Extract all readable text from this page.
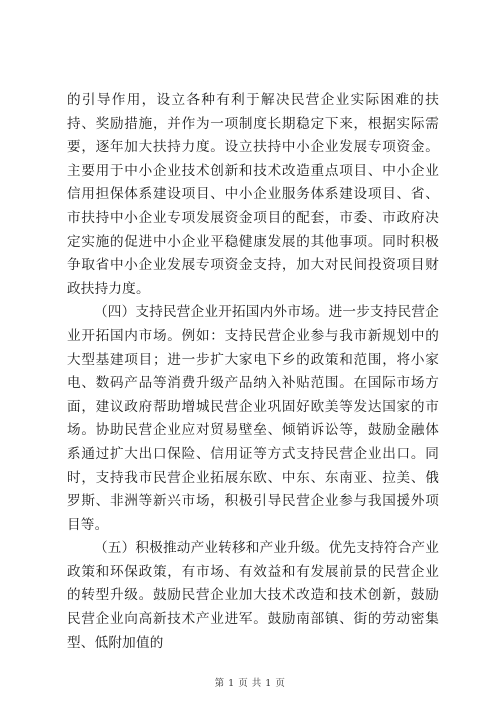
的引导作用，设立各种有利于解决民营企业实际困难的扶持、奖励措施，并作为一项制度长期稳定下来，根据实际需要，逐年加大扶持力度。设立扶持中小企业发展专项资金。主要用于中小企业技术创新和技术改造重点项目、中小企业信用担保体系建设项目、中小企业服务体系建设项目、省、市扶持中小企业专项发展资金项目的配套，市委、市政府决定实施的促进中小企业平稳健康发展的其他事项。同时积极争取省中小企业发展专项资金支持，加大对民间投资项目财政扶持力度。

（四）支持民营企业开拓国内外市场。进一步支持民营企业开拓国内市场。例如：支持民营企业参与我市新规划中的大型基建项目；进一步扩大家电下乡的政策和范围，将小家电、数码产品等消费升级产品纳入补贴范围。在国际市场方面，建议政府帮助增城民营企业巩固好欧美等发达国家的市场。协助民营企业应对贸易壁垒、倾销诉讼等，鼓励金融体系通过扩大出口保险、信用证等方式支持民营企业出口。同时，支持我市民营企业拓展东欧、中东、东南亚、拉美、俄罗斯、非洲等新兴市场，积极引导民营企业参与我国援外项目等。

（五）积极推动产业转移和产业升级。优先支持符合产业政策和环保政策，有市场、有效益和有发展前景的民营企业的转型升级。鼓励民营企业加大技术改造和技术创新，鼓励民营企业向高新技术产业进军。鼓励南部镇、街的劳动密集型、低附加值的

第 1 页 共 1 页
